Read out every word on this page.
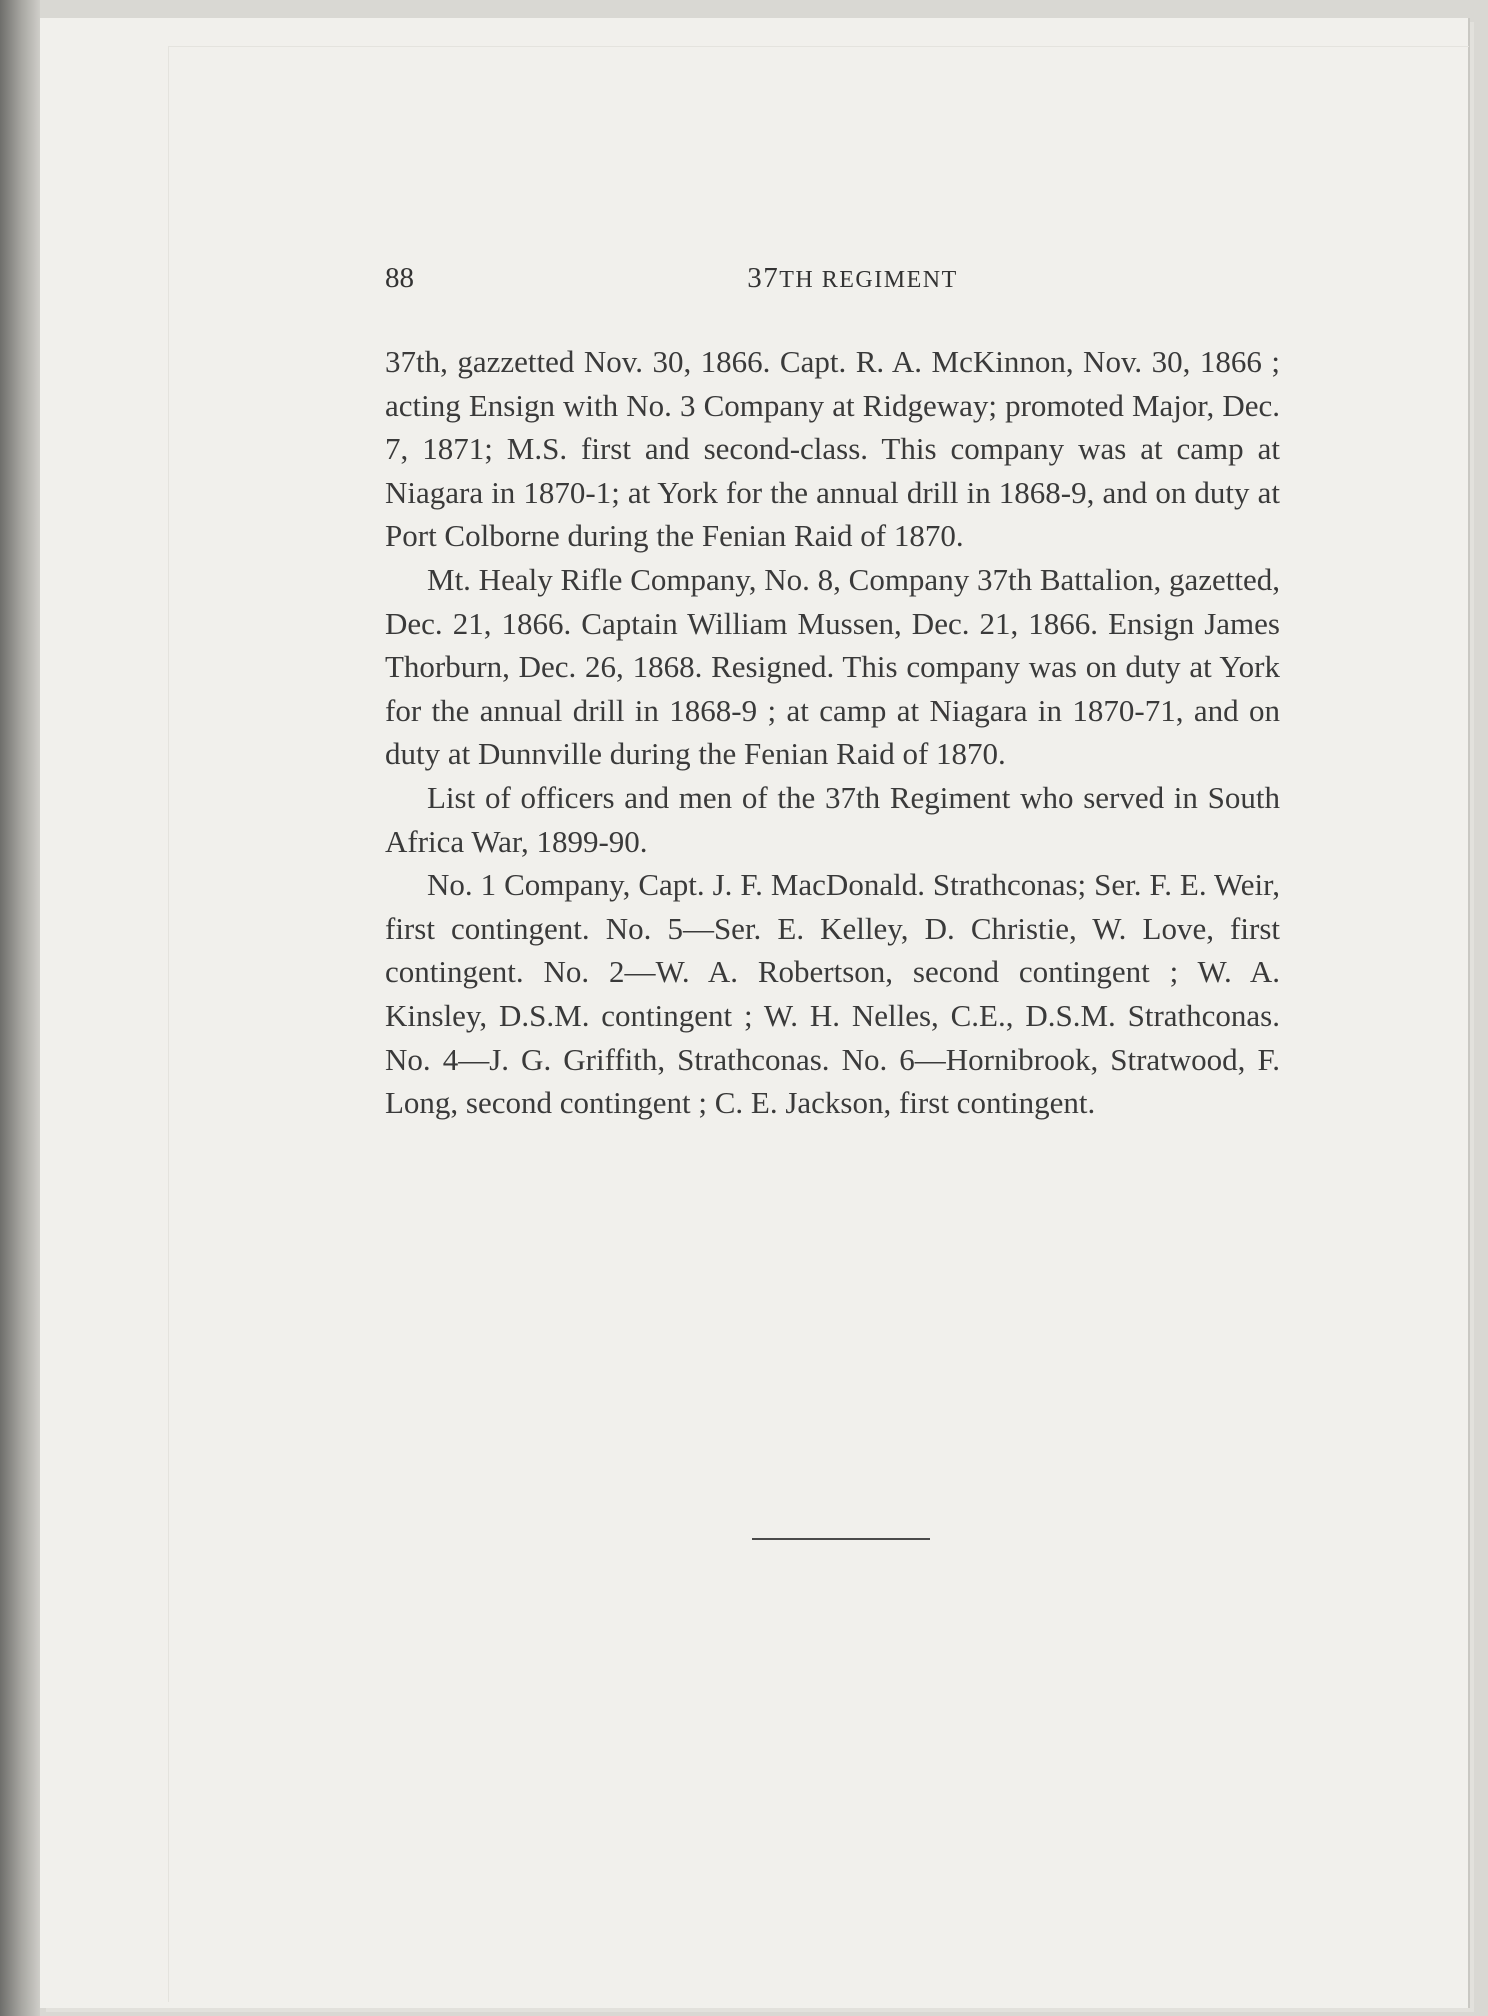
88	37TH REGIMENT

37th, gazzetted Nov. 30, 1866. Capt. R. A. McKinnon, Nov. 30, 1866 ; acting Ensign with No. 3 Company at Ridgeway; promoted Major, Dec. 7, 1871; M.S. first and second-class. This company was at camp at Niagara in 1870-1; at York for the annual drill in 1868-9, and on duty at Port Colborne during the Fenian Raid of 1870.

Mt. Healy Rifle Company, No. 8, Company 37th Battalion, gazetted, Dec. 21, 1866. Captain William Mussen, Dec. 21, 1866. Ensign James Thorburn, Dec. 26, 1868. Resigned. This company was on duty at York for the annual drill in 1868-9 ; at camp at Niagara in 1870-71, and on duty at Dunnville during the Fenian Raid of 1870.

List of officers and men of the 37th Regiment who served in South Africa War, 1899-90.

No. 1 Company, Capt. J. F. MacDonald. Strathconas; Ser. F. E. Weir, first contingent. No. 5—Ser. E. Kelley, D. Christie, W. Love, first contingent. No. 2—W. A. Robertson, second contingent ; W. A. Kinsley, D.S.M. contingent ; W. H. Nelles, C.E., D.S.M. Strathconas. No. 4—J. G. Griffith, Strathconas. No. 6—Hornibrook, Stratwood, F. Long, second contingent ; C. E. Jackson, first contingent.
